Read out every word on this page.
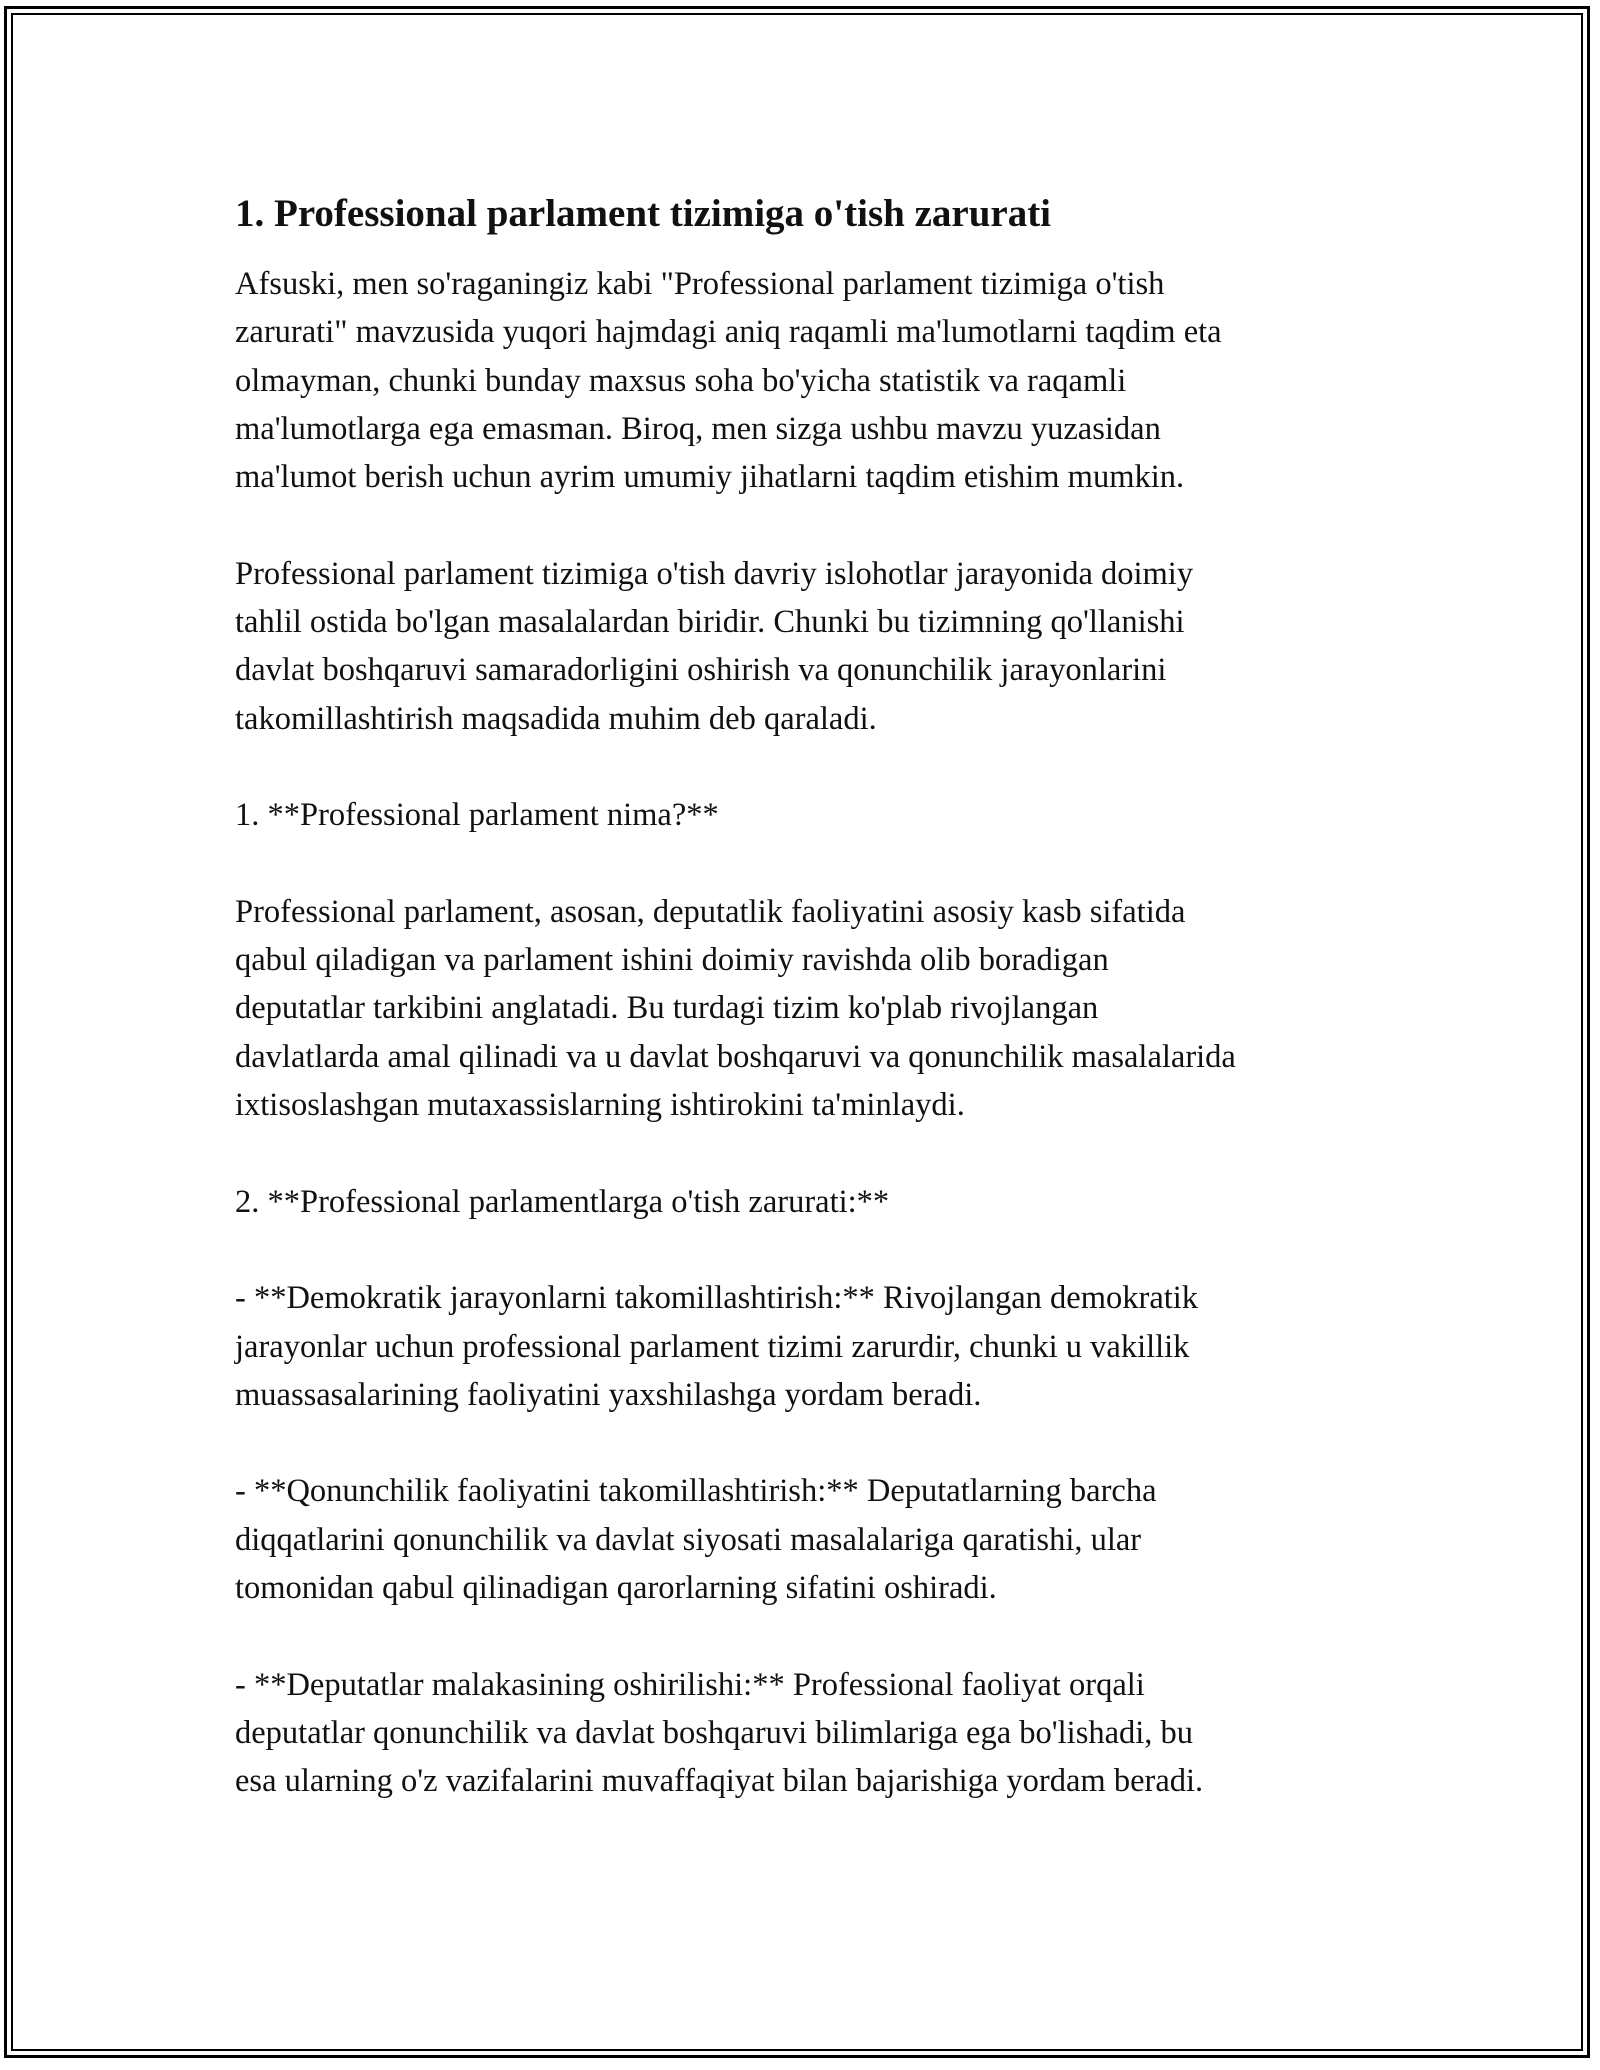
1. Professional parlament tizimiga o'tish zarurati

Afsuski, men so'raganingiz kabi "Professional parlament tizimiga o'tish
zarurati" mavzusida yuqori hajmdagi aniq raqamli ma'lumotlarni taqdim eta
olmayman, chunki bunday maxsus soha bo'yicha statistik va raqamli
ma'lumotlarga ega emasman. Biroq, men sizga ushbu mavzu yuzasidan
ma'lumot berish uchun ayrim umumiy jihatlarni taqdim etishim mumkin.

Professional parlament tizimiga o'tish davriy islohotlar jarayonida doimiy
tahlil ostida bo'lgan masalalardan biridir. Chunki bu tizimning qo'llanishi
davlat boshqaruvi samaradorligini oshirish va qonunchilik jarayonlarini
takomillashtirish maqsadida muhim deb qaraladi.

1. **Professional parlament nima?**

Professional parlament, asosan, deputatlik faoliyatini asosiy kasb sifatida
qabul qiladigan va parlament ishini doimiy ravishda olib boradigan
deputatlar tarkibini anglatadi. Bu turdagi tizim ko'plab rivojlangan
davlatlarda amal qilinadi va u davlat boshqaruvi va qonunchilik masalalarida
ixtisoslashgan mutaxassislarning ishtirokini ta'minlaydi.

2. **Professional parlamentlarga o'tish zarurati:**

- **Demokratik jarayonlarni takomillashtirish:** Rivojlangan demokratik
jarayonlar uchun professional parlament tizimi zarurdir, chunki u vakillik
muassasalarining faoliyatini yaxshilashga yordam beradi.

- **Qonunchilik faoliyatini takomillashtirish:** Deputatlarning barcha
diqqatlarini qonunchilik va davlat siyosati masalalariga qaratishi, ular
tomonidan qabul qilinadigan qarorlarning sifatini oshiradi.

- **Deputatlar malakasining oshirilishi:** Professional faoliyat orqali
deputatlar qonunchilik va davlat boshqaruvi bilimlariga ega bo'lishadi, bu
esa ularning o'z vazifalarini muvaffaqiyat bilan bajarishiga yordam beradi.
